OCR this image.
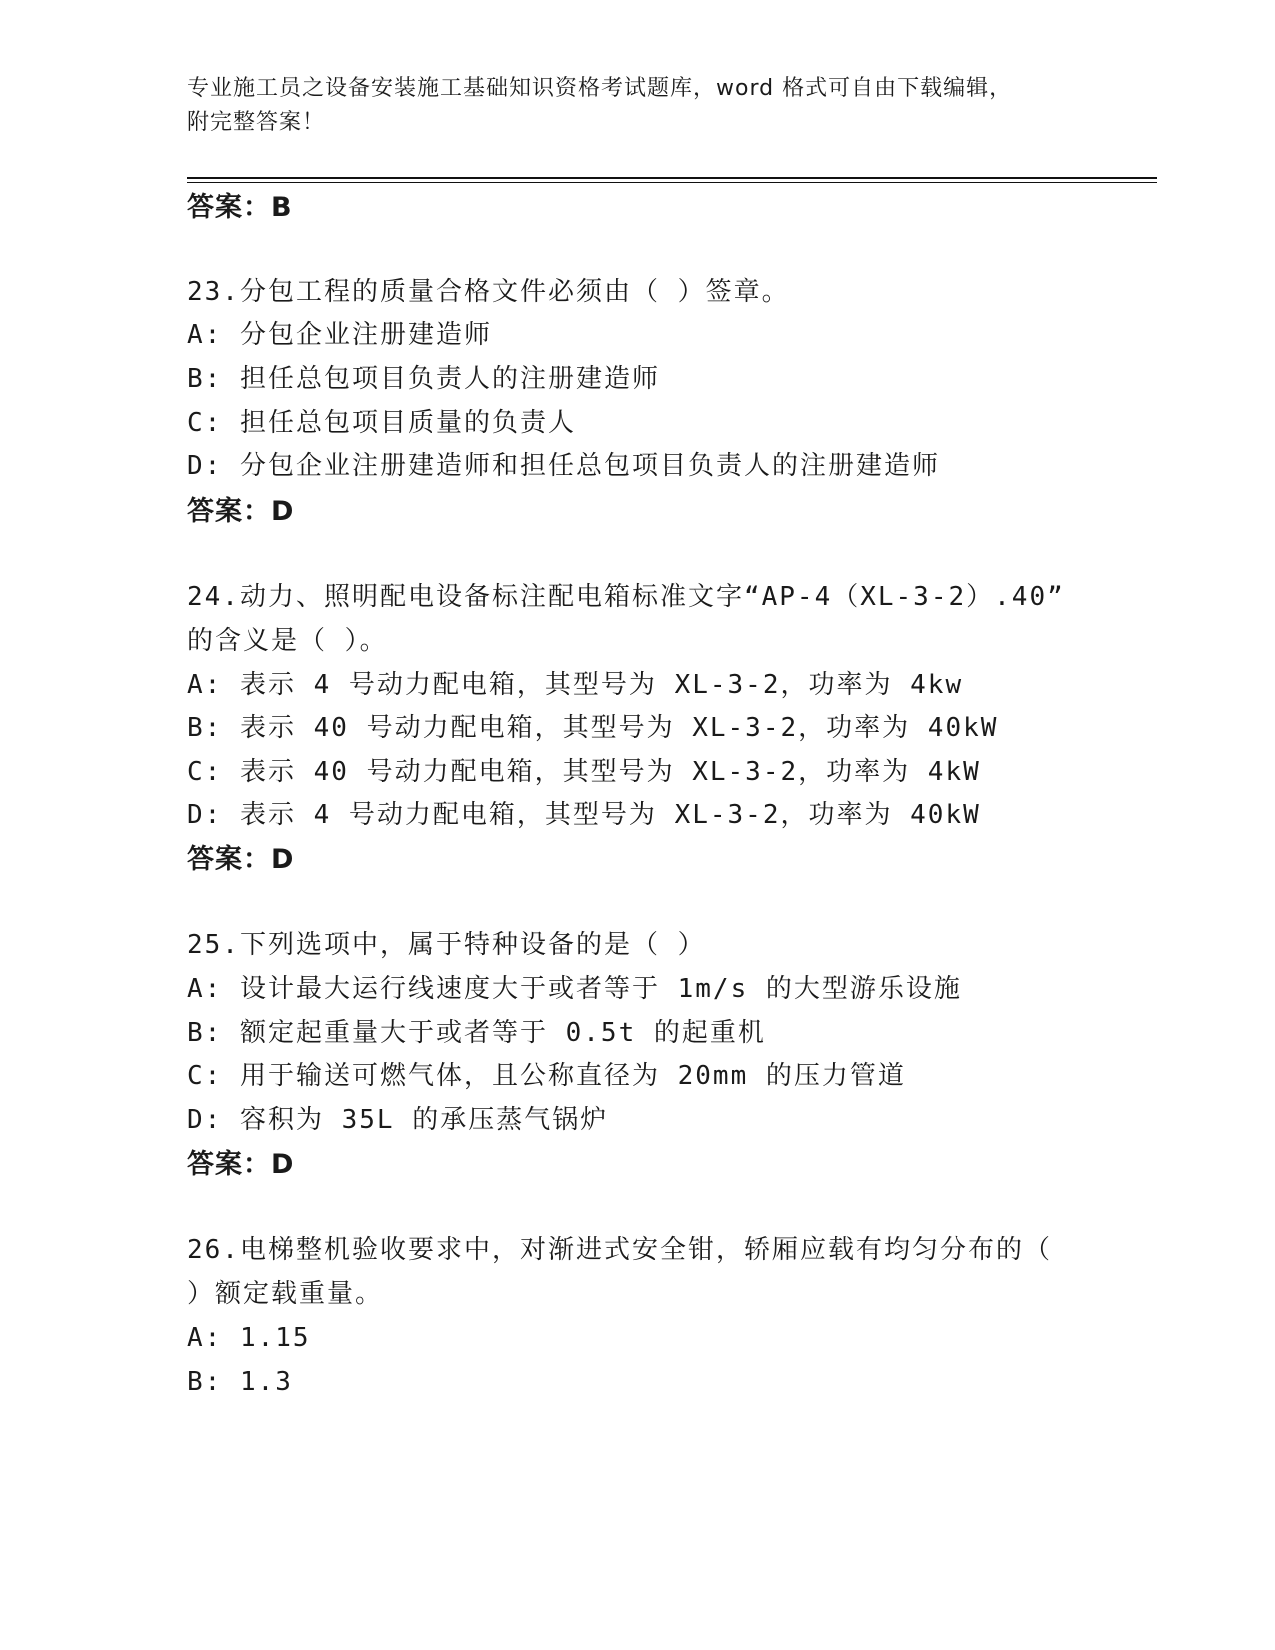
专业施工员之设备安装施工基础知识资格考试题库，word 格式可自由下载编辑，
附完整答案！
答案：B
23.分包工程的质量合格文件必须由（ ）签章。
A: 分包企业注册建造师
B: 担任总包项目负责人的注册建造师
C: 担任总包项目质量的负责人
D: 分包企业注册建造师和担任总包项目负责人的注册建造师
答案：D
24.动力、照明配电设备标注配电箱标准文字“AP-4（XL-3-2）.40”
的含义是（ ）。
A: 表示 4 号动力配电箱，其型号为 XL-3-2，功率为 4kw
B: 表示 40 号动力配电箱，其型号为 XL-3-2，功率为 40kW
C: 表示 40 号动力配电箱，其型号为 XL-3-2，功率为 4kW
D: 表示 4 号动力配电箱，其型号为 XL-3-2，功率为 40kW
答案：D
25.下列选项中，属于特种设备的是（ ）
A: 设计最大运行线速度大于或者等于 1m/s 的大型游乐设施
B: 额定起重量大于或者等于 0.5t 的起重机
C: 用于输送可燃气体，且公称直径为 20mm 的压力管道
D: 容积为 35L 的承压蒸气锅炉
答案：D
26.电梯整机验收要求中，对渐进式安全钳，轿厢应载有均匀分布的（
）额定载重量。
A: 1.15
B: 1.3
